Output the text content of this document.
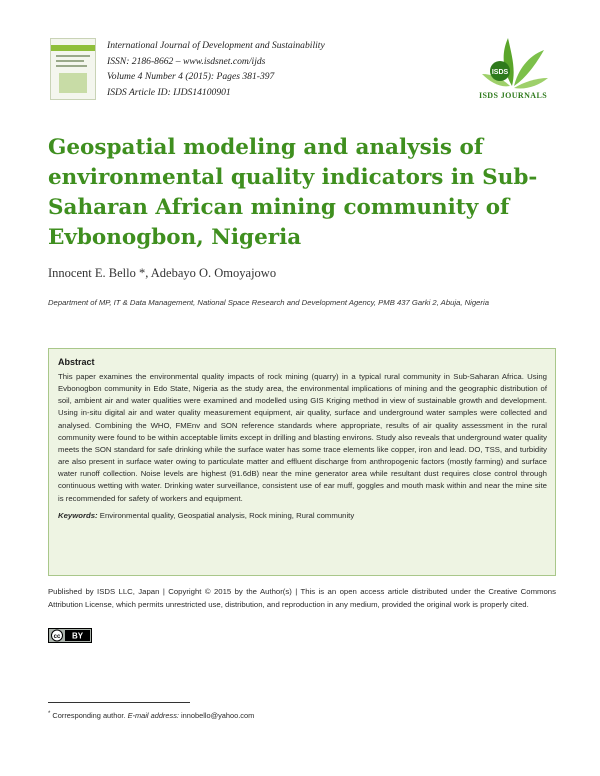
International Journal of Development and Sustainability
ISSN: 2186-8662 – www.isdsnet.com/ijds
Volume 4 Number 4 (2015): Pages 381-397
ISDS Article ID: IJDS14100901
ISDS
ISDS JOURNALS
Geospatial modeling and analysis of environmental quality indicators in Sub-Saharan African mining community of Evbonogbon, Nigeria
Innocent E. Bello *, Adebayo O. Omoyajowo
Department of MP, IT & Data Management, National Space Research and Development Agency, PMB 437 Garki 2, Abuja, Nigeria
Abstract
This paper examines the environmental quality impacts of rock mining (quarry) in a typical rural community in Sub-Saharan Africa. Using Evbonogbon community in Edo State, Nigeria as the study area, the environmental implications of mining and the geographic distribution of soil, ambient air and water qualities were examined and modelled using GIS Kriging method in view of sustainable growth and development. Using in-situ digital air and water quality measurement equipment, air quality, surface and underground water samples were collected and analysed. Combining the WHO, FMEnv and SON reference standards where appropriate, results of air quality assessment in the rural community were found to be within acceptable limits except in drilling and blasting environs. Study also reveals that underground water quality meets the SON standard for safe drinking while the surface water has some trace elements like copper, iron and lead. DO, TSS, and turbidity are also present in surface water owing to particulate matter and effluent discharge from anthropogenic factors (mostly farming) and surface water runoff collection. Noise levels are highest (91.6dB) near the mine generator area while resultant dust requires close control through continuous wetting with water. Drinking water surveillance, consistent use of ear muff, goggles and mouth mask within and near the mine site is recommended for safety of workers and equipment.
Keywords: Environmental quality, Geospatial analysis, Rock mining, Rural community
Published by ISDS LLC, Japan | Copyright © 2015 by the Author(s) | This is an open access article distributed under the Creative Commons Attribution License, which permits unrestricted use, distribution, and reproduction in any medium, provided the original work is properly cited.
cc BY
* Corresponding author. E-mail address: innobello@yahoo.com
